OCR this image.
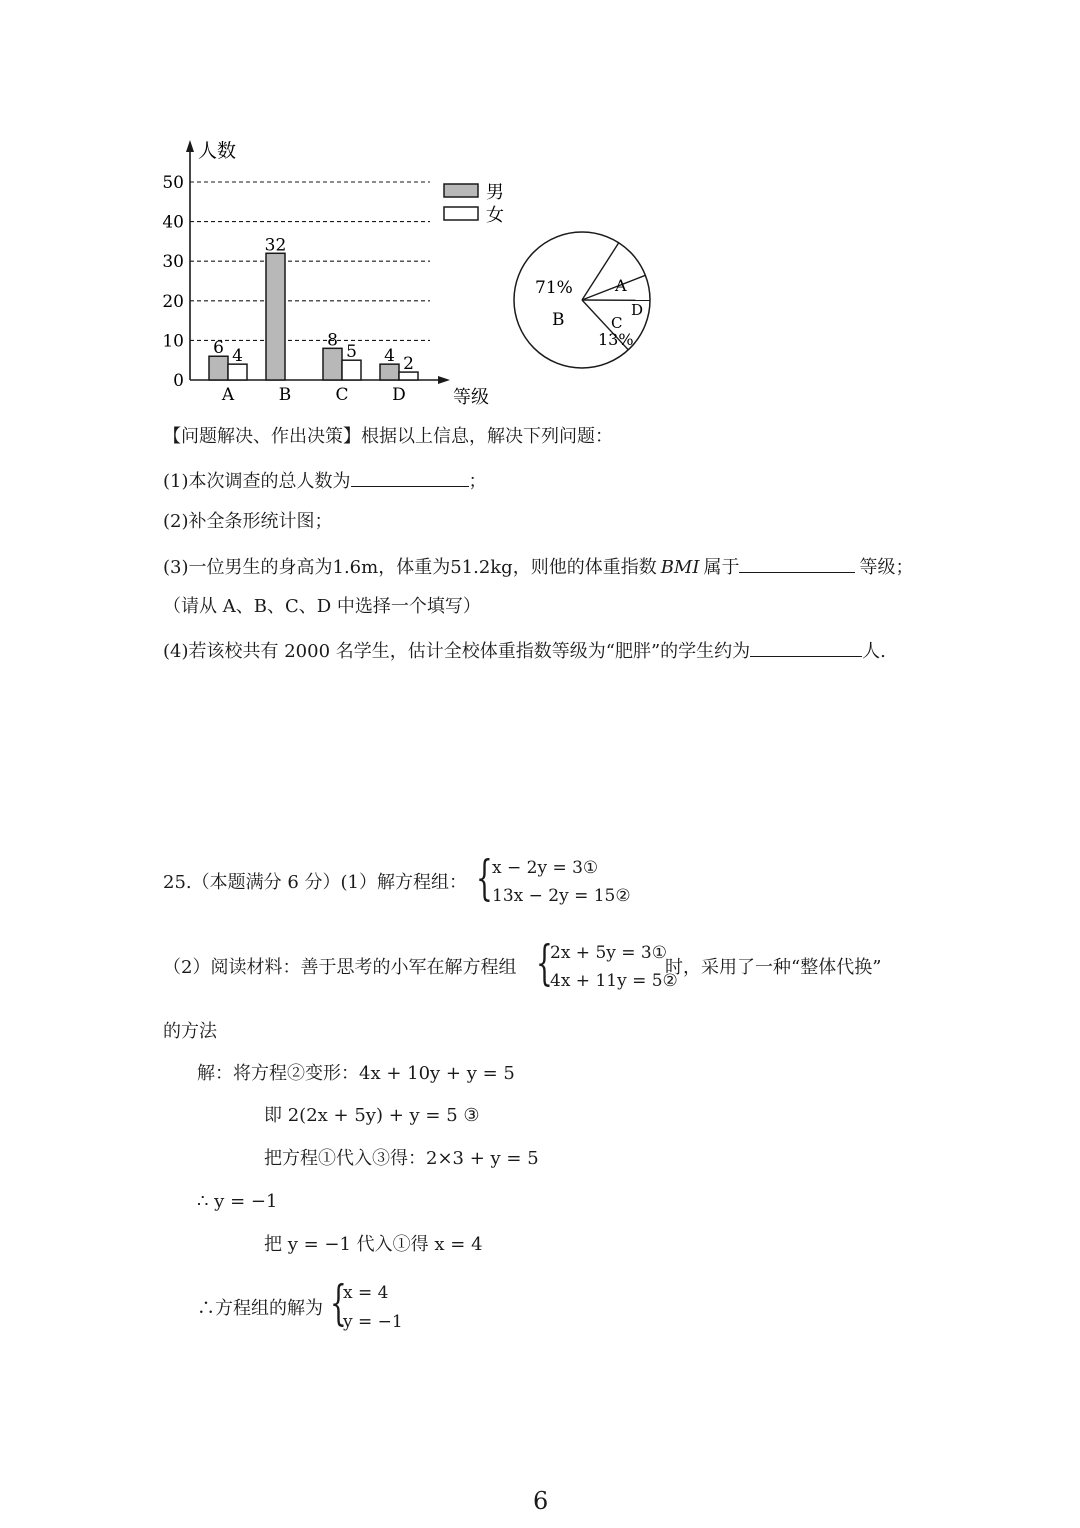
0
10
20
30
40
50
6 4
32
8
5 4 2
A	B	C	D
人数
等级
男
女
71%
B
A
D
C
13%
【问题解决、作出决策】根据以上信息，解决下列问题：
(1)本次调查的总人数为	；
(2)补全条形统计图；
(3)一位男生的身高为1.6m，体重为51.2kg，则他的体重指数 BMI 属于	等级；
（请从 A、B、C、D 中选择一个填写）
(4)若该校共有 2000 名学生，估计全校体重指数等级为“肥胖”的学生约为	人.
25.（本题满分 6 分）(1）解方程组： { x − 2y = 3①
13x − 2y = 15②
（2）阅读材料：善于思考的小军在解方程组 {
2x + 5y = 3①
4x + 11y = 5②
时，采用了一种“整体代换”
的方法
解：将方程②变形：4x + 10y + y = 5
即 2(2x + 5y) + y = 5 ③
把方程①代入③得：2×3 + y = 5
∴ y = −1
把 y = −1 代入①得 x = 4
∴方程组的解为 {
x = 4
y = −1
6
